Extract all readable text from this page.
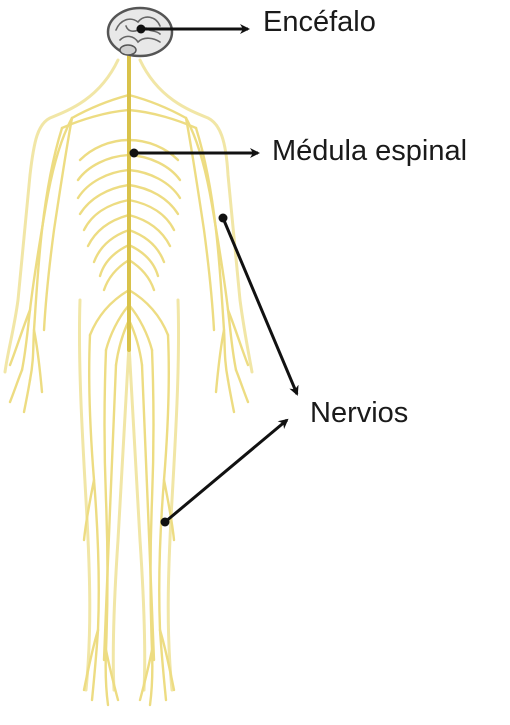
Encéfalo
Médula espinal
Nervios
